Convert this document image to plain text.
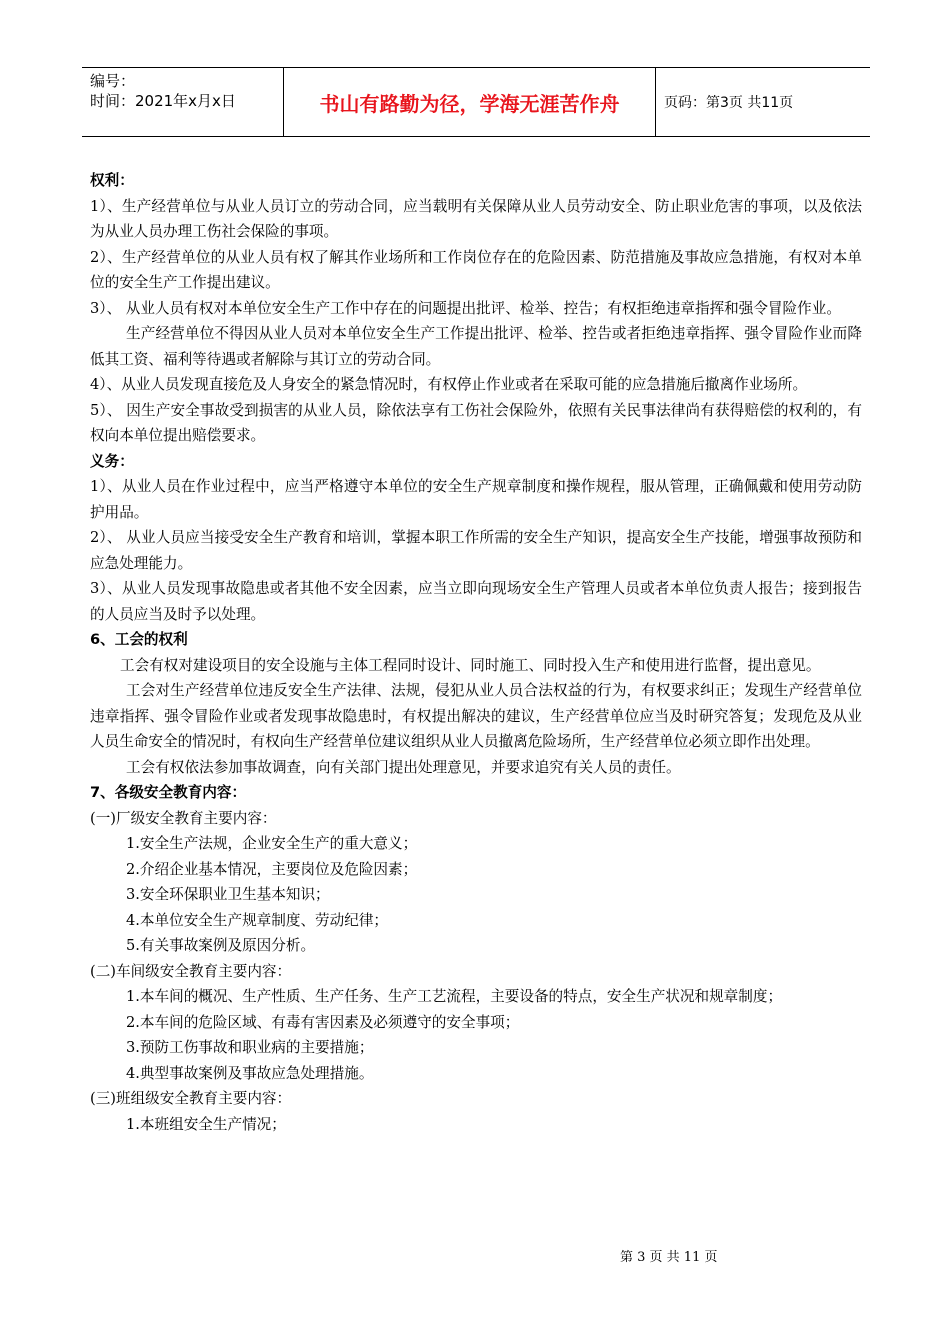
编号：
时间：2021年x月x日	书山有路勤为径，学海无涯苦作舟	页码：第3页 共11页

权利：

1）、生产经营单位与从业人员订立的劳动合同，应当载明有关保障从业人员劳动安全、防止职业危害的事项，以及依法为从业人员办理工伤社会保险的事项。

2）、生产经营单位的从业人员有权了解其作业场所和工作岗位存在的危险因素、防范措施及事故应急措施，有权对本单位的安全生产工作提出建议。

3）、 从业人员有权对本单位安全生产工作中存在的问题提出批评、检举、控告；有权拒绝违章指挥和强令冒险作业。

生产经营单位不得因从业人员对本单位安全生产工作提出批评、检举、控告或者拒绝违章指挥、强令冒险作业而降低其工资、福利等待遇或者解除与其订立的劳动合同。

4）、从业人员发现直接危及人身安全的紧急情况时，有权停止作业或者在采取可能的应急措施后撤离作业场所。

5）、 因生产安全事故受到损害的从业人员，除依法享有工伤社会保险外，依照有关民事法律尚有获得赔偿的权利的，有权向本单位提出赔偿要求。

义务：

1）、从业人员在作业过程中，应当严格遵守本单位的安全生产规章制度和操作规程，服从管理，正确佩戴和使用劳动防护用品。

2）、 从业人员应当接受安全生产教育和培训，掌握本职工作所需的安全生产知识，提高安全生产技能，增强事故预防和应急处理能力。

3）、从业人员发现事故隐患或者其他不安全因素，应当立即向现场安全生产管理人员或者本单位负责人报告；接到报告的人员应当及时予以处理。

6、工会的权利

工会有权对建设项目的安全设施与主体工程同时设计、同时施工、同时投入生产和使用进行监督，提出意见。

工会对生产经营单位违反安全生产法律、法规，侵犯从业人员合法权益的行为，有权要求纠正；发现生产经营单位违章指挥、强令冒险作业或者发现事故隐患时，有权提出解决的建议，生产经营单位应当及时研究答复；发现危及从业人员生命安全的情况时，有权向生产经营单位建议组织从业人员撤离危险场所，生产经营单位必须立即作出处理。

工会有权依法参加事故调查，向有关部门提出处理意见，并要求追究有关人员的责任。

7、各级安全教育内容：

(一)厂级安全教育主要内容：

1.安全生产法规，企业安全生产的重大意义；

2.介绍企业基本情况，主要岗位及危险因素；

3.安全环保职业卫生基本知识；

4.本单位安全生产规章制度、劳动纪律；

5.有关事故案例及原因分析。

(二)车间级安全教育主要内容：

1.本车间的概况、生产性质、生产任务、生产工艺流程，主要设备的特点，安全生产状况和规章制度；

2.本车间的危险区域、有毒有害因素及必须遵守的安全事项；

3.预防工伤事故和职业病的主要措施；

4.典型事故案例及事故应急处理措施。

(三)班组级安全教育主要内容：

1.本班组安全生产情况；

第 3 页 共 11 页
